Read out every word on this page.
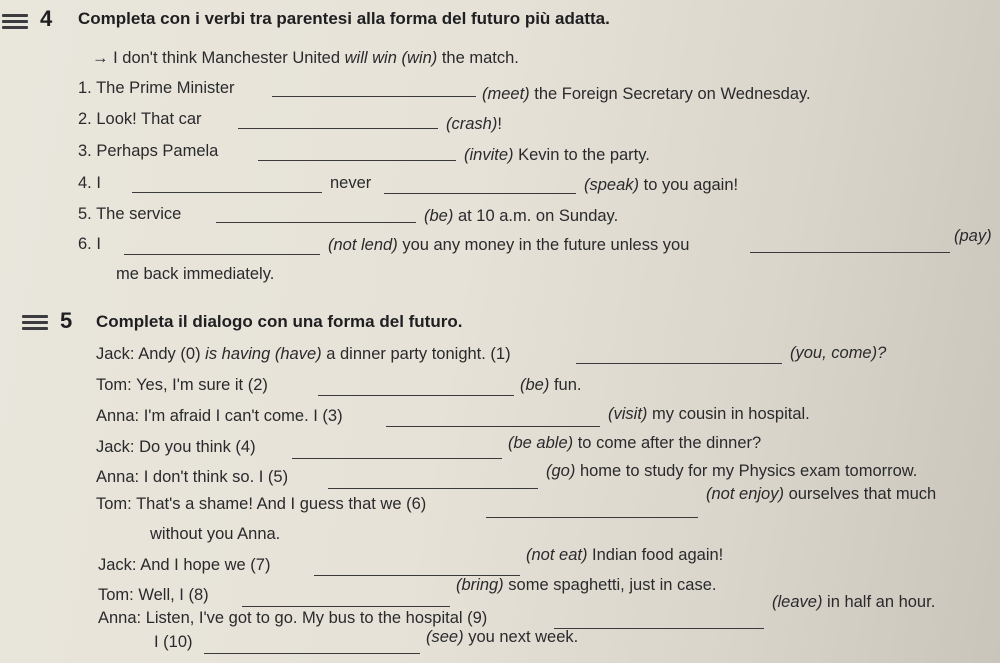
4 Completa con i verbi tra parentesi alla forma del futuro più adatta.
→ I don't think Manchester United will win (win) the match.
1. The Prime Minister	(meet) the Foreign Secretary on Wednesday.
2. Look! That car	(crash)!
3. Perhaps Pamela	(invite) Kevin to the party.
4. I	never	(speak) to you again!
5. The service	(be) at 10 a.m. on Sunday.
6. I	(not lend) you any money in the future unless you	(pay)
me back immediately.
5 Completa il dialogo con una forma del futuro.
Jack: Andy (0) is having (have) a dinner party tonight. (1)	(you, come)?
Tom: Yes, I'm sure it (2)	(be) fun.
Anna: I'm afraid I can't come. I (3)	(visit) my cousin in hospital.
Jack: Do you think (4)	(be able) to come after the dinner?
Anna: I don't think so. I (5)	(go) home to study for my Physics exam tomorrow.
Tom: That's a shame! And I guess that we (6)
(not enjoy) ourselves that much
without you Anna.
Jack: And I hope we (7)
(not eat) Indian food again!
Tom: Well, I (8)
(bring) some spaghetti, just in case.
Anna: Listen, I've got to go. My bus to the hospital (9)
(leave) in half an hour.
I (10)	(see) you next week.
